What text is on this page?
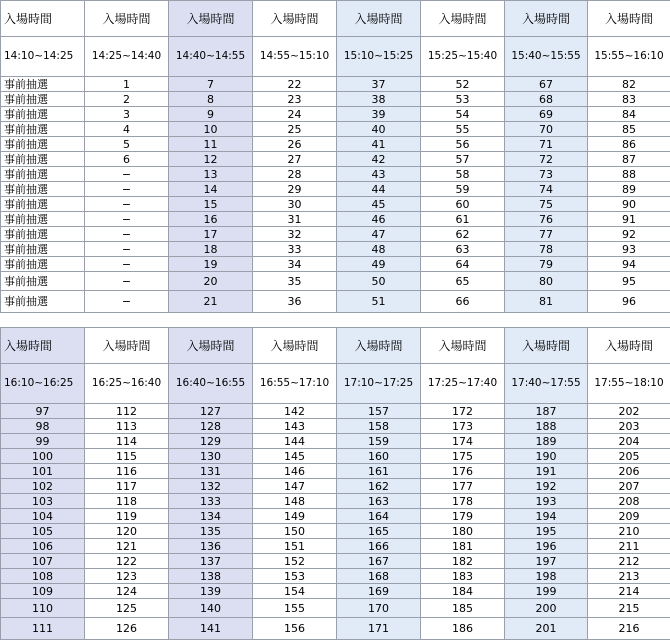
入場時間	入場時間	入場時間	入場時間	入場時間	入場時間	入場時間	入場時間
14:10~14:25	14:25~14:40	14:40~14:55	14:55~15:10	15:10~15:25	15:25~15:40	15:40~15:55	15:55~16:10
事前抽選	1	7	22	37	52	67	82
事前抽選	2	8	23	38	53	68	83
事前抽選	3	9	24	39	54	69	84
事前抽選	4	10	25	40	55	70	85
事前抽選	5	11	26	41	56	71	86
事前抽選	6	12	27	42	57	72	87
事前抽選	−	13	28	43	58	73	88
事前抽選	−	14	29	44	59	74	89
事前抽選	−	15	30	45	60	75	90
事前抽選	−	16	31	46	61	76	91
事前抽選	−	17	32	47	62	77	92
事前抽選	−	18	33	48	63	78	93
事前抽選	−	19	34	49	64	79	94
事前抽選	−	20	35	50	65	80	95
事前抽選	−	21	36	51	66	81	96
入場時間	入場時間	入場時間	入場時間	入場時間	入場時間	入場時間	入場時間
16:10~16:25	16:25~16:40	16:40~16:55	16:55~17:10	17:10~17:25	17:25~17:40	17:40~17:55	17:55~18:10
97	112	127	142	157	172	187	202
98	113	128	143	158	173	188	203
99	114	129	144	159	174	189	204
100	115	130	145	160	175	190	205
101	116	131	146	161	176	191	206
102	117	132	147	162	177	192	207
103	118	133	148	163	178	193	208
104	119	134	149	164	179	194	209
105	120	135	150	165	180	195	210
106	121	136	151	166	181	196	211
107	122	137	152	167	182	197	212
108	123	138	153	168	183	198	213
109	124	139	154	169	184	199	214
110	125	140	155	170	185	200	215
111	126	141	156	171	186	201	216
